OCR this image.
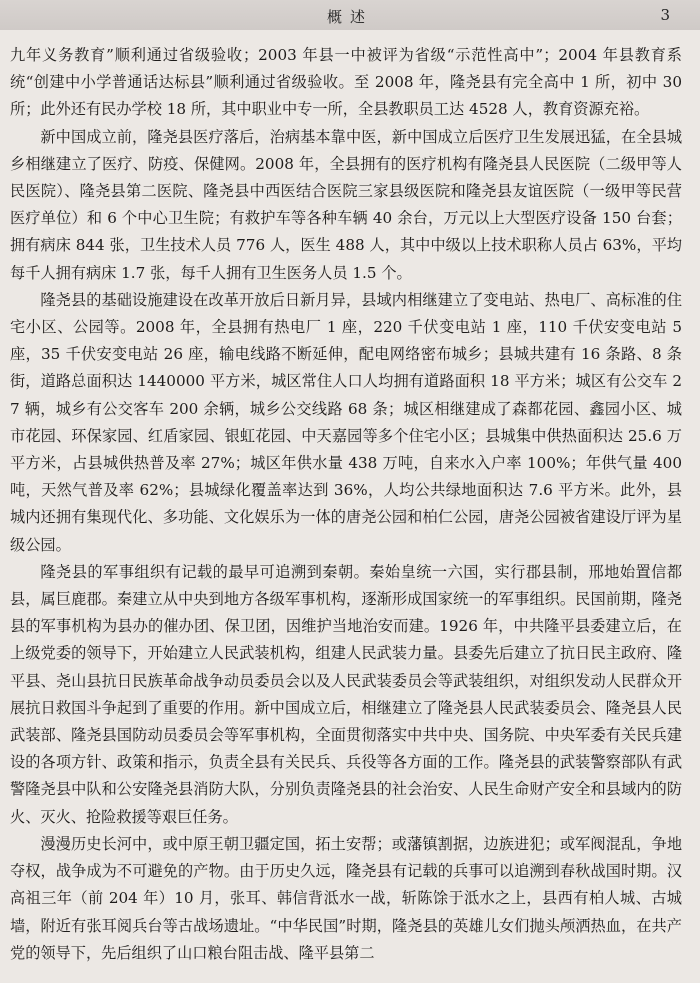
概述	3

九年义务教育”顺利通过省级验收；2003 年县一中被评为省级“示范性高中”；2004 年县教育系统“创建中小学普通话达标县”顺利通过省级验收。至 2008 年，隆尧县有完全高中 1 所，初中 30 所；此外还有民办学校 18 所，其中职业中专一所，全县教职员工达 4528 人，教育资源充裕。

新中国成立前，隆尧县医疗落后，治病基本靠中医，新中国成立后医疗卫生发展迅猛，在全县城乡相继建立了医疗、防疫、保健网。2008 年，全县拥有的医疗机构有隆尧县人民医院（二级甲等人民医院）、隆尧县第二医院、隆尧县中西医结合医院三家县级医院和隆尧县友谊医院（一级甲等民营医疗单位）和 6 个中心卫生院；有救护车等各种车辆 40 余台，万元以上大型医疗设备 150 台套；拥有病床 844 张，卫生技术人员 776 人，医生 488 人，其中中级以上技术职称人员占 63%，平均每千人拥有病床 1.7 张，每千人拥有卫生医务人员 1.5 个。

隆尧县的基础设施建设在改革开放后日新月异，县域内相继建立了变电站、热电厂、高标准的住宅小区、公园等。2008 年，全县拥有热电厂 1 座，220 千伏变电站 1 座，110 千伏安变电站 5 座，35 千伏安变电站 26 座，输电线路不断延伸，配电网络密布城乡；县城共建有 16 条路、8 条街，道路总面积达 1440000 平方米，城区常住人口人均拥有道路面积 18 平方米；城区有公交车 27 辆，城乡有公交客车 200 余辆，城乡公交线路 68 条；城区相继建成了森都花园、鑫园小区、城市花园、环保家园、红盾家园、银虹花园、中天嘉园等多个住宅小区；县城集中供热面积达 25.6 万平方米，占县城供热普及率 27%；城区年供水量 438 万吨，自来水入户率 100%；年供气量 400 吨，天然气普及率 62%；县城绿化覆盖率达到 36%，人均公共绿地面积达 7.6 平方米。此外，县城内还拥有集现代化、多功能、文化娱乐为一体的唐尧公园和柏仁公园，唐尧公园被省建设厅评为星级公园。

隆尧县的军事组织有记载的最早可追溯到秦朝。秦始皇统一六国，实行郡县制，邢地始置信都县，属巨鹿郡。秦建立从中央到地方各级军事机构，逐渐形成国家统一的军事组织。民国前期，隆尧县的军事机构为县办的催办团、保卫团，因维护当地治安而建。1926 年，中共隆平县委建立后，在上级党委的领导下，开始建立人民武装机构，组建人民武装力量。县委先后建立了抗日民主政府、隆平县、尧山县抗日民族革命战争动员委员会以及人民武装委员会等武装组织，对组织发动人民群众开展抗日救国斗争起到了重要的作用。新中国成立后，相继建立了隆尧县人民武装委员会、隆尧县人民武装部、隆尧县国防动员委员会等军事机构，全面贯彻落实中共中央、国务院、中央军委有关民兵建设的各项方针、政策和指示，负责全县有关民兵、兵役等各方面的工作。隆尧县的武装警察部队有武警隆尧县中队和公安隆尧县消防大队，分别负责隆尧县的社会治安、人民生命财产安全和县域内的防火、灭火、抢险救援等艰巨任务。

漫漫历史长河中，或中原王朝卫疆定国，拓土安帮；或藩镇割据，边族进犯；或军阀混乱，争地夺权，战争成为不可避免的产物。由于历史久远，隆尧县有记载的兵事可以追溯到春秋战国时期。汉高祖三年（前 204 年）10 月，张耳、韩信背泜水一战，斩陈馀于泜水之上，县西有柏人城、古城墙，附近有张耳阅兵台等古战场遗址。“中华民国”时期，隆尧县的英雄儿女们抛头颅洒热血，在共产党的领导下，先后组织了山口粮台阻击战、隆平县第二
